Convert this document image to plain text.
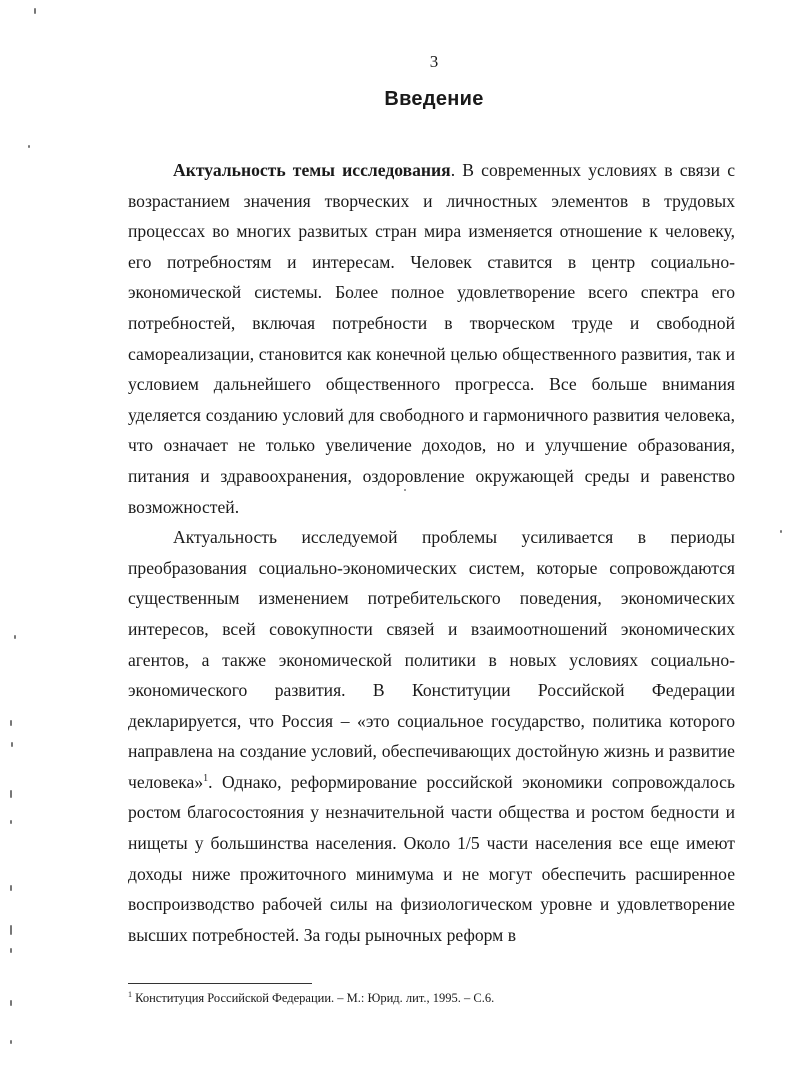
3
Введение

Актуальность темы исследования. В современных условиях в связи с возрастанием значения творческих и личностных элементов в трудовых процессах во многих развитых стран мира изменяется отношение к человеку, его потребностям и интересам. Человек ставится в центр социально-экономической системы. Более полное удовлетворение всего спектра его потребностей, включая потребности в творческом труде и свободной самореализации, становится как конечной целью общественного развития, так и условием дальнейшего общественного прогресса. Все больше внимания уделяется созданию условий для свободного и гармоничного развития человека, что означает не только увеличение доходов, но и улучшение образования, питания и здравоохранения, оздоровление окружающей среды и равенство возможностей.

Актуальность исследуемой проблемы усиливается в периоды преобразования социально-экономических систем, которые сопровождаются существенным изменением потребительского поведения, экономических интересов, всей совокупности связей и взаимоотношений экономических агентов, а также экономической политики в новых условиях социально-экономического развития. В Конституции Российской Федерации декларируется, что Россия – «это социальное государство, политика которого направлена на создание условий, обеспечивающих достойную жизнь и развитие человека»$^1$. Однако, реформирование российской экономики сопровождалось ростом благосостояния у незначительной части общества и ростом бедности и нищеты у большинства населения. Около 1/5 части населения все еще имеют доходы ниже прожиточного минимума и не могут обеспечить расширенное воспроизводство рабочей силы на физиологическом уровне и удовлетворение высших потребностей. За годы рыночных реформ в

$^1$ Конституция Российской Федерации. – М.: Юрид. лит., 1995. – С.6.
